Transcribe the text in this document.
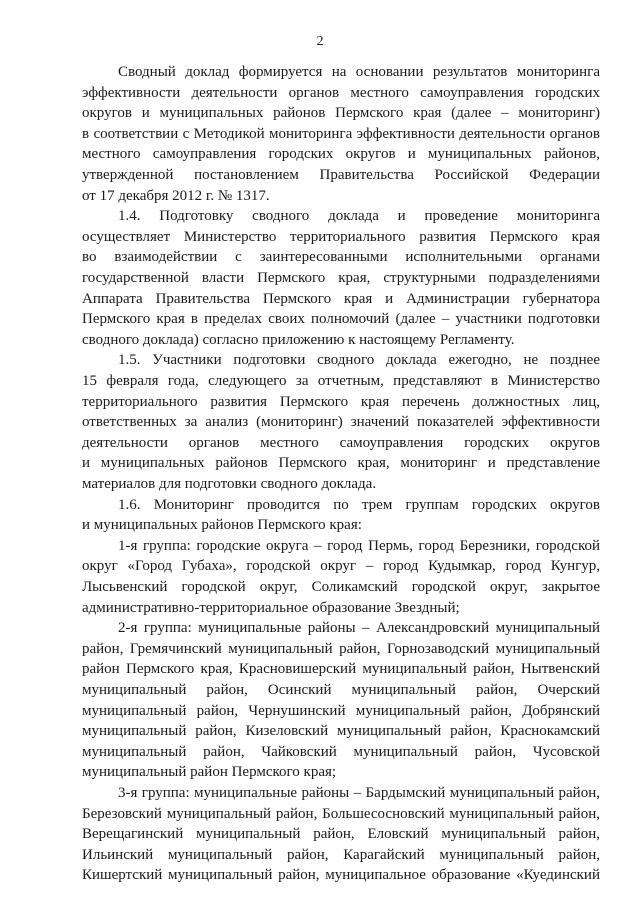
2
Сводный доклад формируется на основании результатов мониторинга
эффективности деятельности органов местного самоуправления городских
округов и муниципальных районов Пермского края (далее – мониторинг)
в соответствии с Методикой мониторинга эффективности деятельности органов
местного самоуправления городских округов и муниципальных районов,
утвержденной постановлением Правительства Российской Федерации
от 17 декабря 2012 г. № 1317.
1.4. Подготовку сводного доклада и проведение мониторинга
осуществляет Министерство территориального развития Пермского края
во взаимодействии с заинтересованными исполнительными органами
государственной власти Пермского края, структурными подразделениями
Аппарата Правительства Пермского края и Администрации губернатора
Пермского края в пределах своих полномочий (далее – участники подготовки
сводного доклада) согласно приложению к настоящему Регламенту.
1.5. Участники подготовки сводного доклада ежегодно, не позднее
15 февраля года, следующего за отчетным, представляют в Министерство
территориального развития Пермского края перечень должностных лиц,
ответственных за анализ (мониторинг) значений показателей эффективности
деятельности органов местного самоуправления городских округов
и муниципальных районов Пермского края, мониторинг и представление
материалов для подготовки сводного доклада.
1.6. Мониторинг проводится по трем группам городских округов
и муниципальных районов Пермского края:
1-я группа: городские округа – город Пермь, город Березники, городской
округ «Город Губаха», городской округ – город Кудымкар, город Кунгур,
Лысьвенский городской округ, Соликамский городской округ, закрытое
административно-территориальное образование Звездный;
2-я группа: муниципальные районы – Александровский муниципальный
район, Гремячинский муниципальный район, Горнозаводский муниципальный
район Пермского края, Красновишерский муниципальный район, Нытвенский
муниципальный район, Осинский муниципальный район, Очерский
муниципальный район, Чернушинский муниципальный район, Добрянский
муниципальный район, Кизеловский муниципальный район, Краснокамский
муниципальный район, Чайковский муниципальный район, Чусовской
муниципальный район Пермского края;
3-я группа: муниципальные районы – Бардымский муниципальный район,
Березовский муниципальный район, Большесосновский муниципальный район,
Верещагинский муниципальный район, Еловский муниципальный район,
Ильинский муниципальный район, Карагайский муниципальный район,
Кишертский муниципальный район, муниципальное образование «Куединский
